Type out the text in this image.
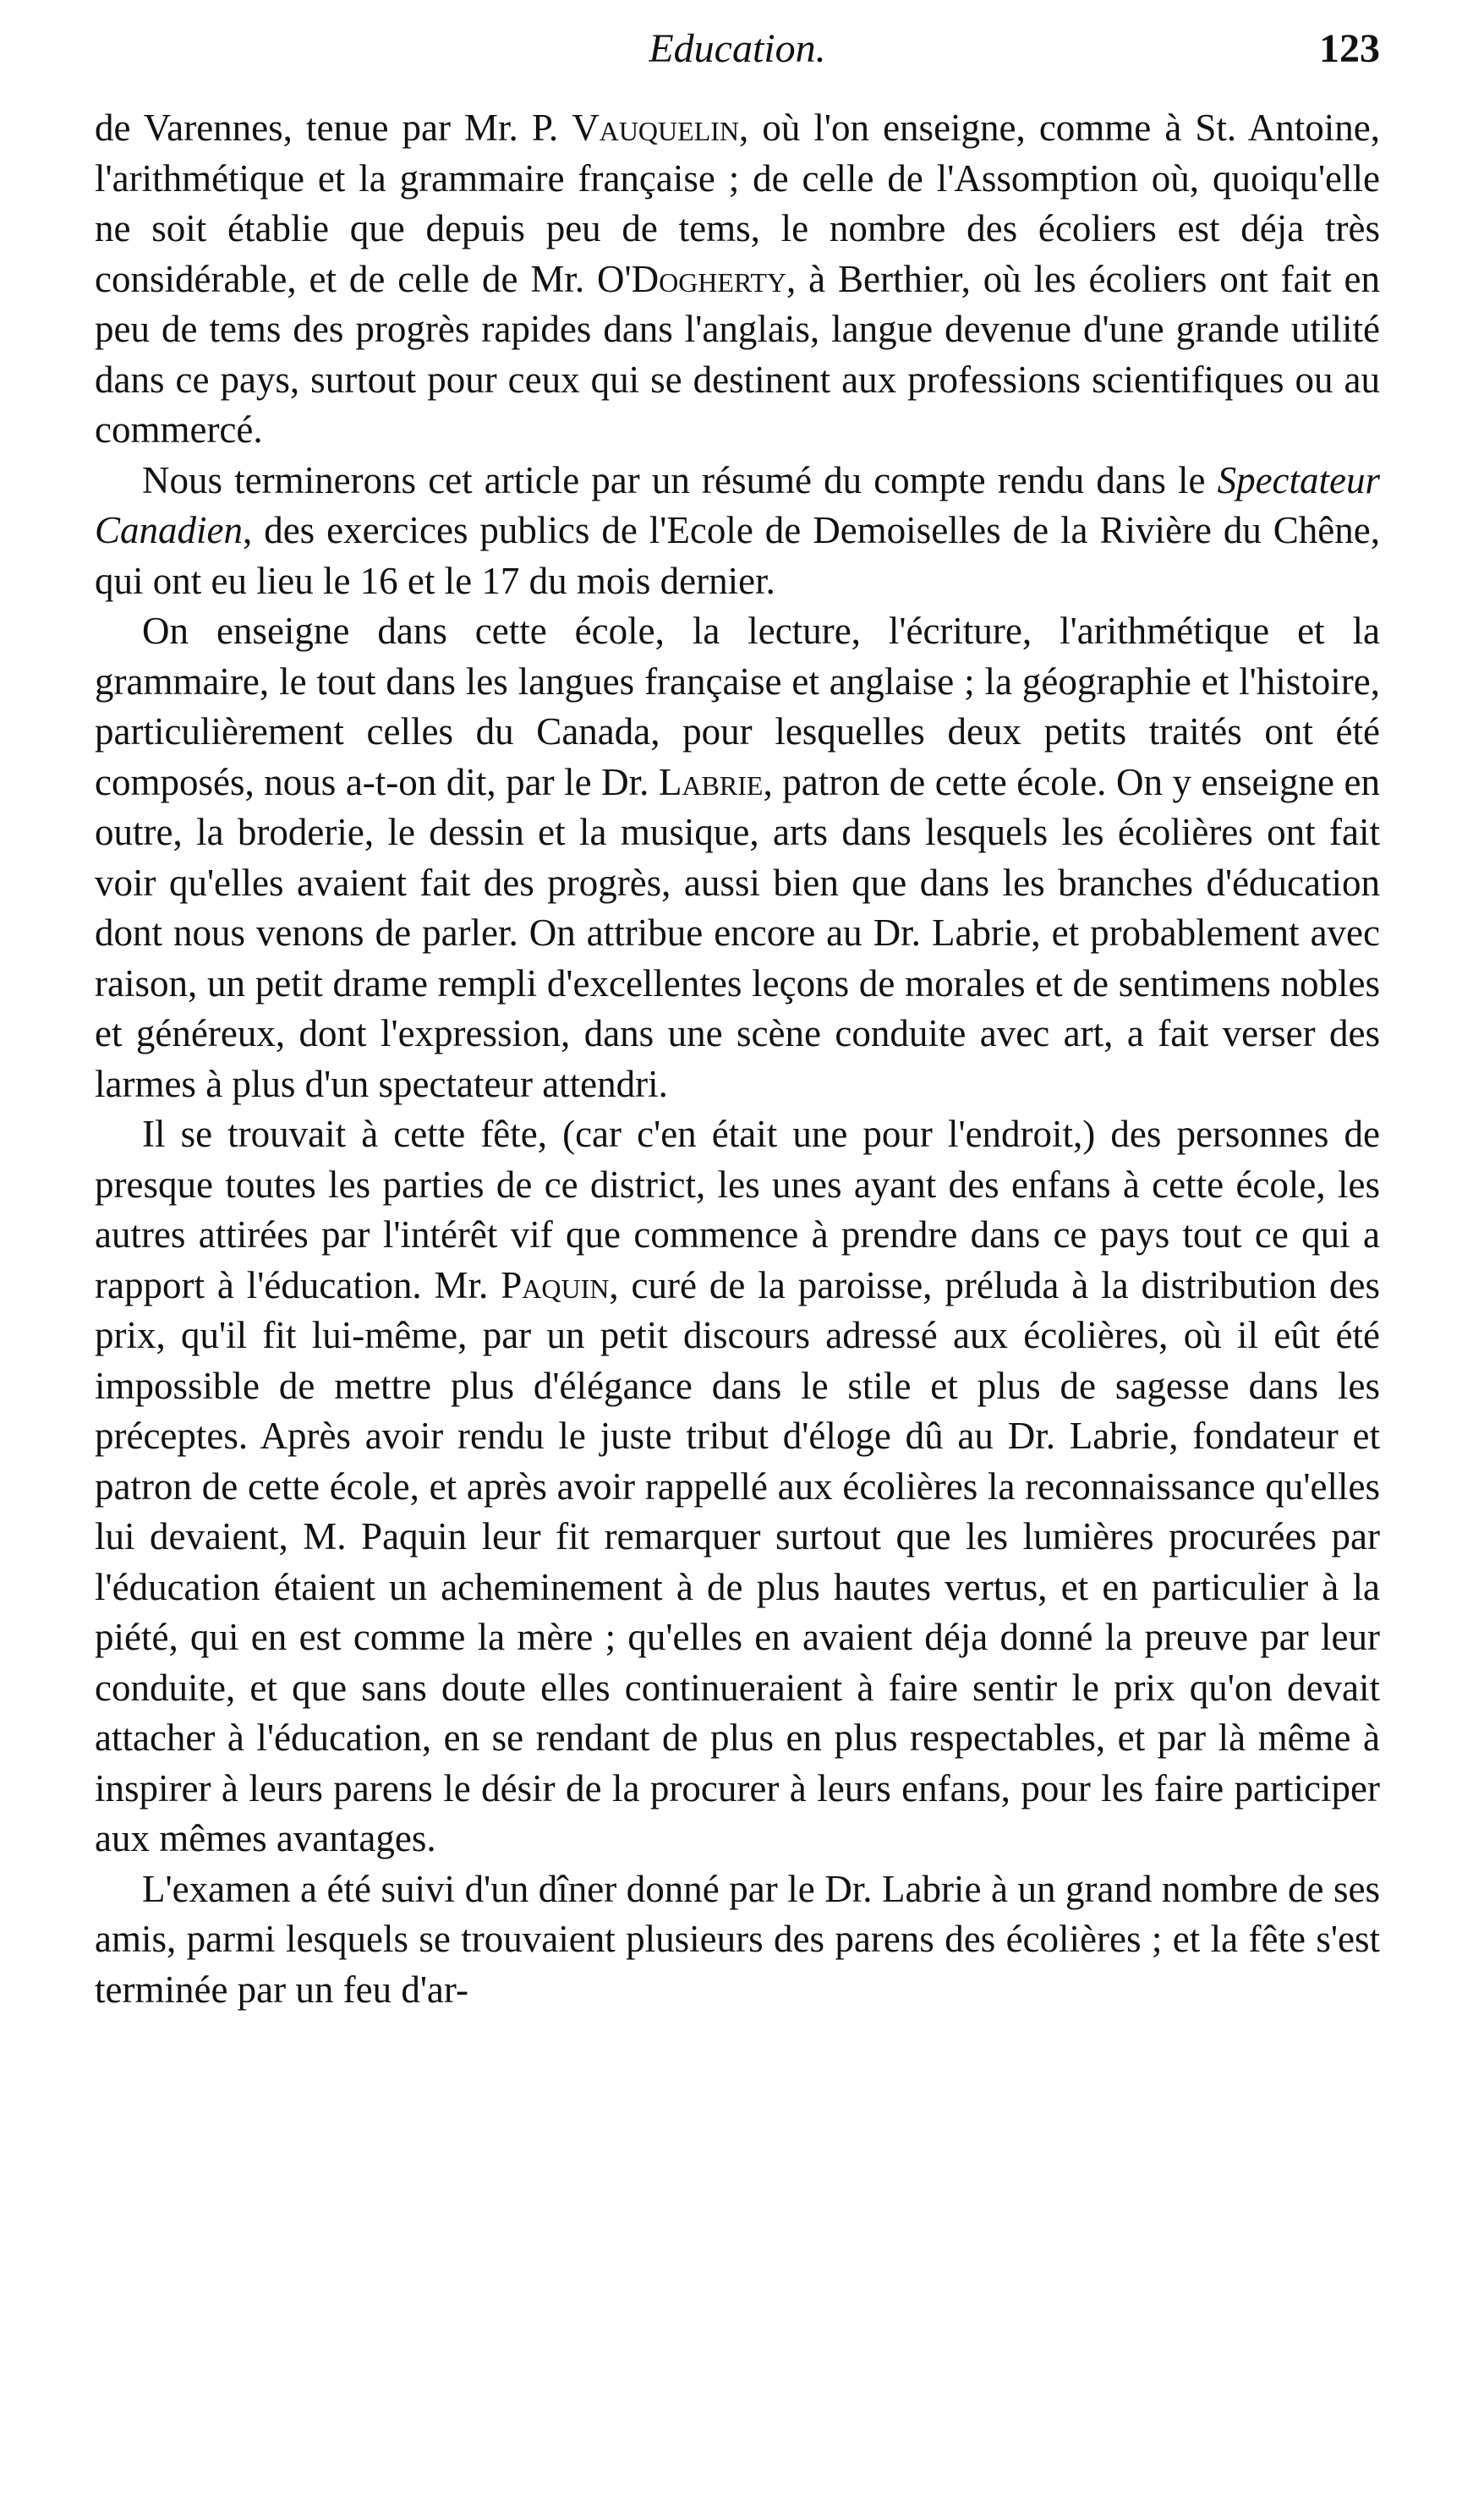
Education.	123

de Varennes, tenue par Mr. P. Vauquelin, où l'on enseigne, comme à St. Antoine, l'arithmétique et la grammaire française ; de celle de l'Assomption où, quoiqu'elle ne soit établie que depuis peu de tems, le nombre des écoliers est déja très considérable, et de celle de Mr. O'Dogherty, à Berthier, où les écoliers ont fait en peu de tems des progrès rapides dans l'anglais, langue devenue d'une grande utilité dans ce pays, surtout pour ceux qui se destinent aux professions scientifiques ou au commercé.

Nous terminerons cet article par un résumé du compte rendu dans le Spectateur Canadien, des exercices publics de l'Ecole de Demoiselles de la Rivière du Chêne, qui ont eu lieu le 16 et le 17 du mois dernier.

On enseigne dans cette école, la lecture, l'écriture, l'arithmétique et la grammaire, le tout dans les langues française et anglaise ; la géographie et l'histoire, particulièrement celles du Canada, pour lesquelles deux petits traités ont été composés, nous a-t-on dit, par le Dr. Labrie, patron de cette école. On y enseigne en outre, la broderie, le dessin et la musique, arts dans lesquels les écolières ont fait voir qu'elles avaient fait des progrès, aussi bien que dans les branches d'éducation dont nous venons de parler. On attribue encore au Dr. Labrie, et probablement avec raison, un petit drame rempli d'excellentes leçons de morales et de sentimens nobles et généreux, dont l'expression, dans une scène conduite avec art, a fait verser des larmes à plus d'un spectateur attendri.

Il se trouvait à cette fête, (car c'en était une pour l'endroit,) des personnes de presque toutes les parties de ce district, les unes ayant des enfans à cette école, les autres attirées par l'intérêt vif que commence à prendre dans ce pays tout ce qui a rapport à l'éducation. Mr. Paquin, curé de la paroisse, préluda à la distribution des prix, qu'il fit lui-même, par un petit discours adressé aux écolières, où il eût été impossible de mettre plus d'élégance dans le stile et plus de sagesse dans les préceptes. Après avoir rendu le juste tribut d'éloge dû au Dr. Labrie, fondateur et patron de cette école, et après avoir rappellé aux écolières la reconnaissance qu'elles lui devaient, M. Paquin leur fit remarquer surtout que les lumières procurées par l'éducation étaient un acheminement à de plus hautes vertus, et en particulier à la piété, qui en est comme la mère ; qu'elles en avaient déja donné la preuve par leur conduite, et que sans doute elles continueraient à faire sentir le prix qu'on devait attacher à l'éducation, en se rendant de plus en plus respectables, et par là même à inspirer à leurs parens le désir de la procurer à leurs enfans, pour les faire participer aux mêmes avantages.

L'examen a été suivi d'un dîner donné par le Dr. Labrie à un grand nombre de ses amis, parmi lesquels se trouvaient plusieurs des parens des écolières ; et la fête s'est terminée par un feu d'ar-
